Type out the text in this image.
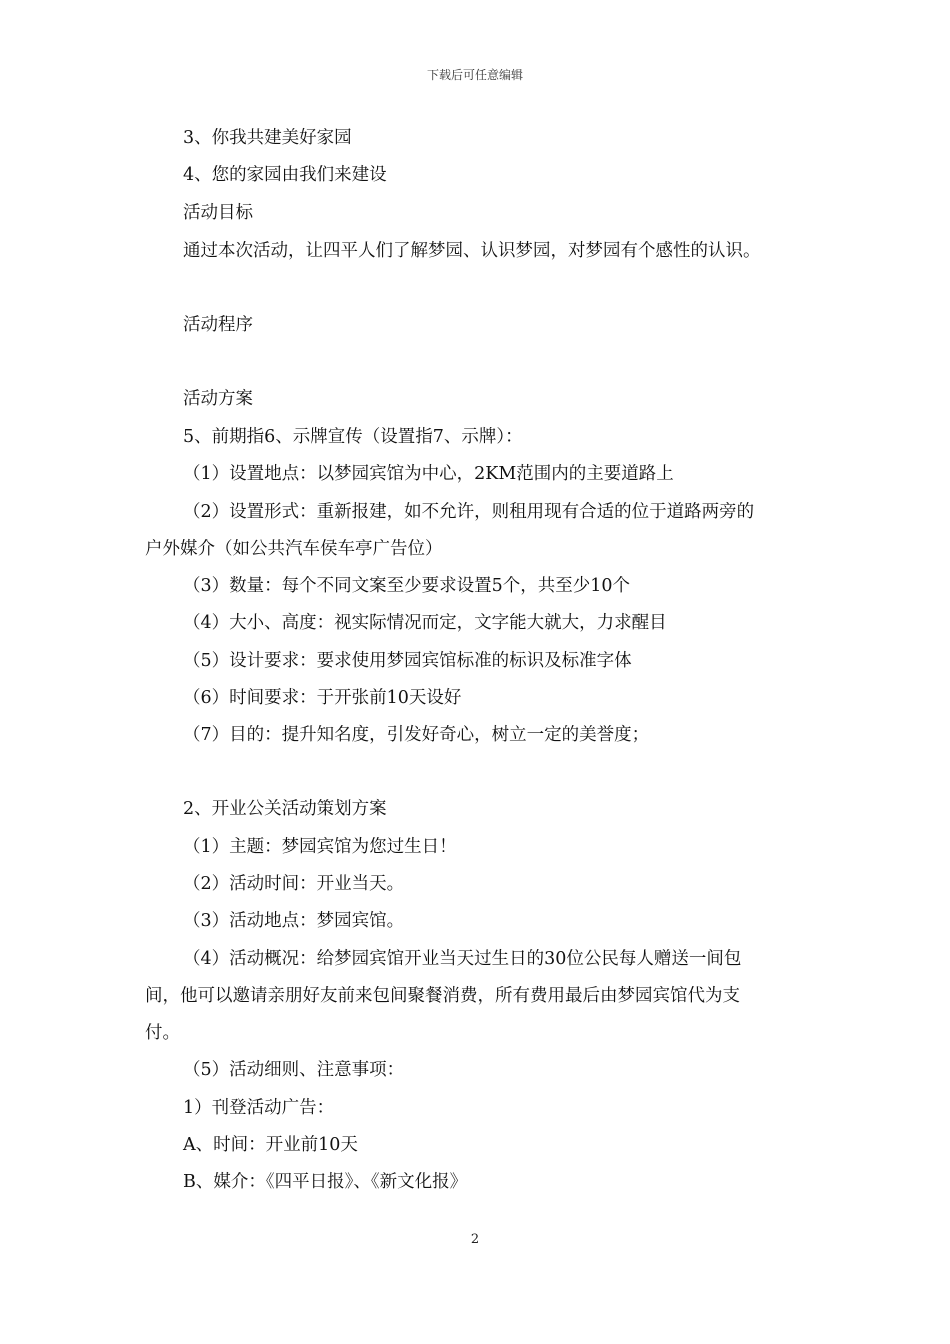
下载后可任意编辑
3、你我共建美好家园
4、您的家园由我们来建设
活动目标
通过本次活动，让四平人们了解梦园、认识梦园，对梦园有个感性的认识。
活动程序
活动方案
5、前期指6、示牌宣传（设置指7、示牌）：
（1）设置地点：以梦园宾馆为中心，2KM范围内的主要道路上
（2）设置形式：重新报建，如不允许，则租用现有合适的位于道路两旁的
户外媒介（如公共汽车侯车亭广告位）
（3）数量：每个不同文案至少要求设置5个，共至少10个
（4）大小、高度：视实际情况而定，文字能大就大，力求醒目
（5）设计要求：要求使用梦园宾馆标准的标识及标准字体
（6）时间要求：于开张前10天设好
（7）目的：提升知名度，引发好奇心，树立一定的美誉度；
2、开业公关活动策划方案
（1）主题：梦园宾馆为您过生日！
（2）活动时间：开业当天。
（3）活动地点：梦园宾馆。
（4）活动概况：给梦园宾馆开业当天过生日的30位公民每人赠送一间包
间，他可以邀请亲朋好友前来包间聚餐消费，所有费用最后由梦园宾馆代为支
付。
（5）活动细则、注意事项：
1）刊登活动广告：
A、时间：开业前10天
B、媒介：《四平日报》、《新文化报》
2
